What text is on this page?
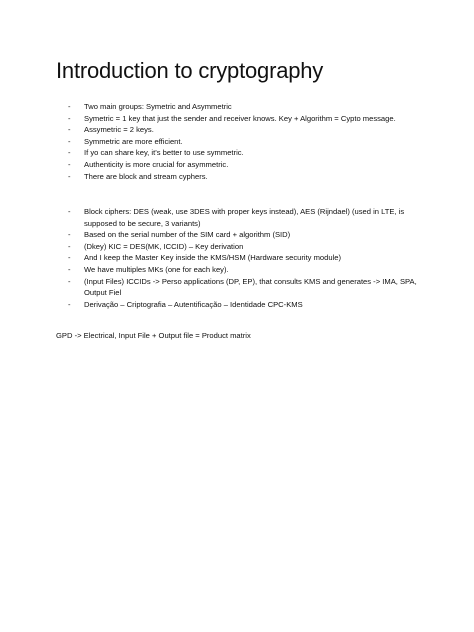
Introduction to cryptography
- Two main groups: Symetric and Asymmetric
- Symetric = 1 key that just the sender and receiver knows. Key + Algorithm = Cypto message.
- Assymetric = 2 keys.
- Symmetric are more efficient.
- If yo can share key, it’s better to use symmetric.
- Authenticity is more crucial for asymmetric.
- There are block and stream cyphers.
- Block ciphers: DES (weak, use 3DES with proper keys instead), AES (Rijndael) (used in LTE, is supposed to be secure, 3 variants)
- Based on the serial number of the SIM card + algorithm (SID)
- (Dkey) KIC = DES(MK, ICCID) – Key derivation
- And I keep the Master Key inside the KMS/HSM (Hardware security module)
- We have multiples MKs (one for each key).
- (Input Files) ICCIDs -> Perso applications (DP, EP), that consults KMS and generates -> IMA, SPA, Output Fiel
- Derivação – Criptografia – Autentificação – Identidade CPC-KMS
GPD -> Electrical, Input File + Output file = Product matrix
